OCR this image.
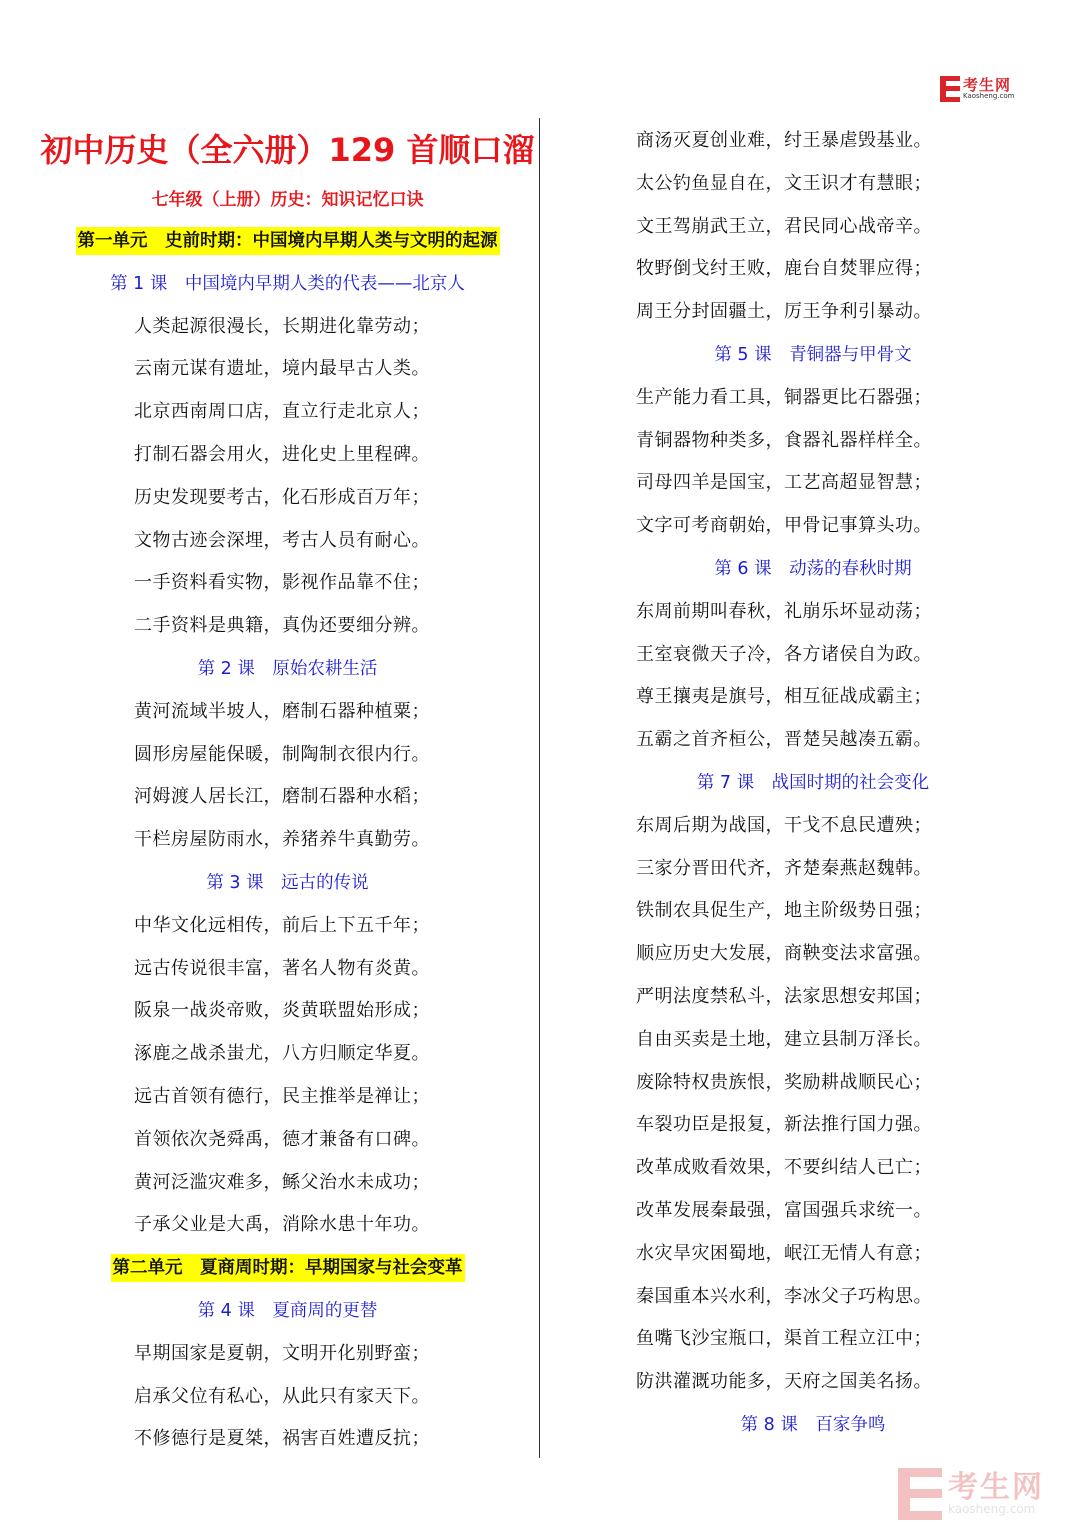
考生网
Kaosheng.com
初中历史（全六册）129 首顺口溜
七年级（上册）历史：知识记忆口诀
第一单元　史前时期：中国境内早期人类与文明的起源
第 1 课　中国境内早期人类的代表——北京人
人类起源很漫长，长期进化靠劳动；
云南元谋有遗址，境内最早古人类。
北京西南周口店，直立行走北京人；
打制石器会用火，进化史上里程碑。
历史发现要考古，化石形成百万年；
文物古迹会深埋，考古人员有耐心。
一手资料看实物，影视作品靠不住；
二手资料是典籍，真伪还要细分辨。
第 2 课　原始农耕生活
黄河流域半坡人，磨制石器种植粟；
圆形房屋能保暖，制陶制衣很内行。
河姆渡人居长江，磨制石器种水稻；
干栏房屋防雨水，养猪养牛真勤劳。
第 3 课　远古的传说
中华文化远相传，前后上下五千年；
远古传说很丰富，著名人物有炎黄。
阪泉一战炎帝败，炎黄联盟始形成；
涿鹿之战杀蚩尤，八方归顺定华夏。
远古首领有德行，民主推举是禅让；
首领依次尧舜禹，德才兼备有口碑。
黄河泛滥灾难多，鲧父治水未成功；
子承父业是大禹，消除水患十年功。
第二单元　夏商周时期：早期国家与社会变革
第 4 课　夏商周的更替
早期国家是夏朝，文明开化别野蛮；
启承父位有私心，从此只有家天下。
不修德行是夏桀，祸害百姓遭反抗；
商汤灭夏创业难，纣王暴虐毁基业。
太公钓鱼显自在，文王识才有慧眼；
文王驾崩武王立，君民同心战帝辛。
牧野倒戈纣王败，鹿台自焚罪应得；
周王分封固疆土，厉王争利引暴动。
第 5 课　青铜器与甲骨文
生产能力看工具，铜器更比石器强；
青铜器物种类多，食器礼器样样全。
司母四羊是国宝，工艺高超显智慧；
文字可考商朝始，甲骨记事算头功。
第 6 课　动荡的春秋时期
东周前期叫春秋，礼崩乐坏显动荡；
王室衰微天子冷，各方诸侯自为政。
尊王攘夷是旗号，相互征战成霸主；
五霸之首齐桓公，晋楚吴越凑五霸。
第 7 课　战国时期的社会变化
东周后期为战国，干戈不息民遭殃；
三家分晋田代齐，齐楚秦燕赵魏韩。
铁制农具促生产，地主阶级势日强；
顺应历史大发展，商鞅变法求富强。
严明法度禁私斗，法家思想安邦国；
自由买卖是土地，建立县制万泽长。
废除特权贵族恨，奖励耕战顺民心；
车裂功臣是报复，新法推行国力强。
改革成败看效果，不要纠结人已亡；
改革发展秦最强，富国强兵求统一。
水灾旱灾困蜀地，岷江无情人有意；
秦国重本兴水利，李冰父子巧构思。
鱼嘴飞沙宝瓶口，渠首工程立江中；
防洪灌溉功能多，天府之国美名扬。
第 8 课　百家争鸣
考生网
kaosheng.com
